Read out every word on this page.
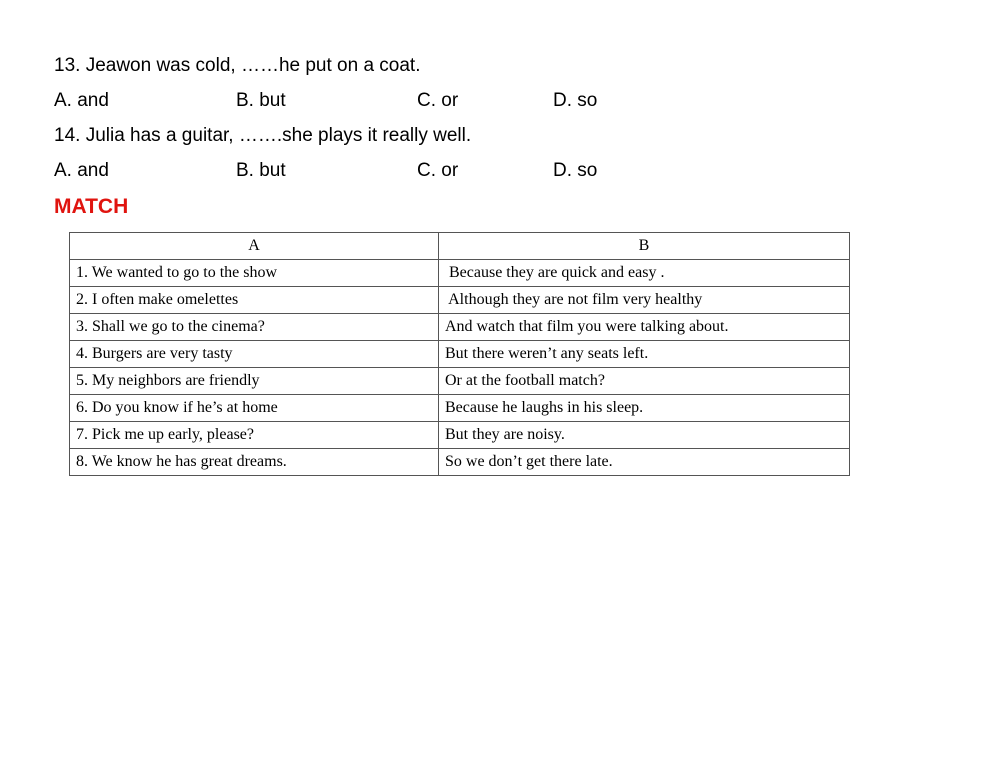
13. Jeawon was cold, ……he put on a coat.
A. and	B. but	C. or	D. so
14. Julia has a guitar, …….she plays it really well.
A. and	B. but	C. or	D. so
MATCH
A	B
1. We wanted to go to the show	Because they are quick and easy .
2. I often make omelettes	Although they are not film very healthy
3. Shall we go to the cinema?	And watch that film you were talking about.
4. Burgers are very tasty	But there weren’t any seats left.
5. My neighbors are friendly	Or at the football match?
6. Do you know if he’s at home	Because he laughs in his sleep.
7. Pick me up early, please?	But they are noisy.
8. We know he has great dreams.	So we don’t get there late.
